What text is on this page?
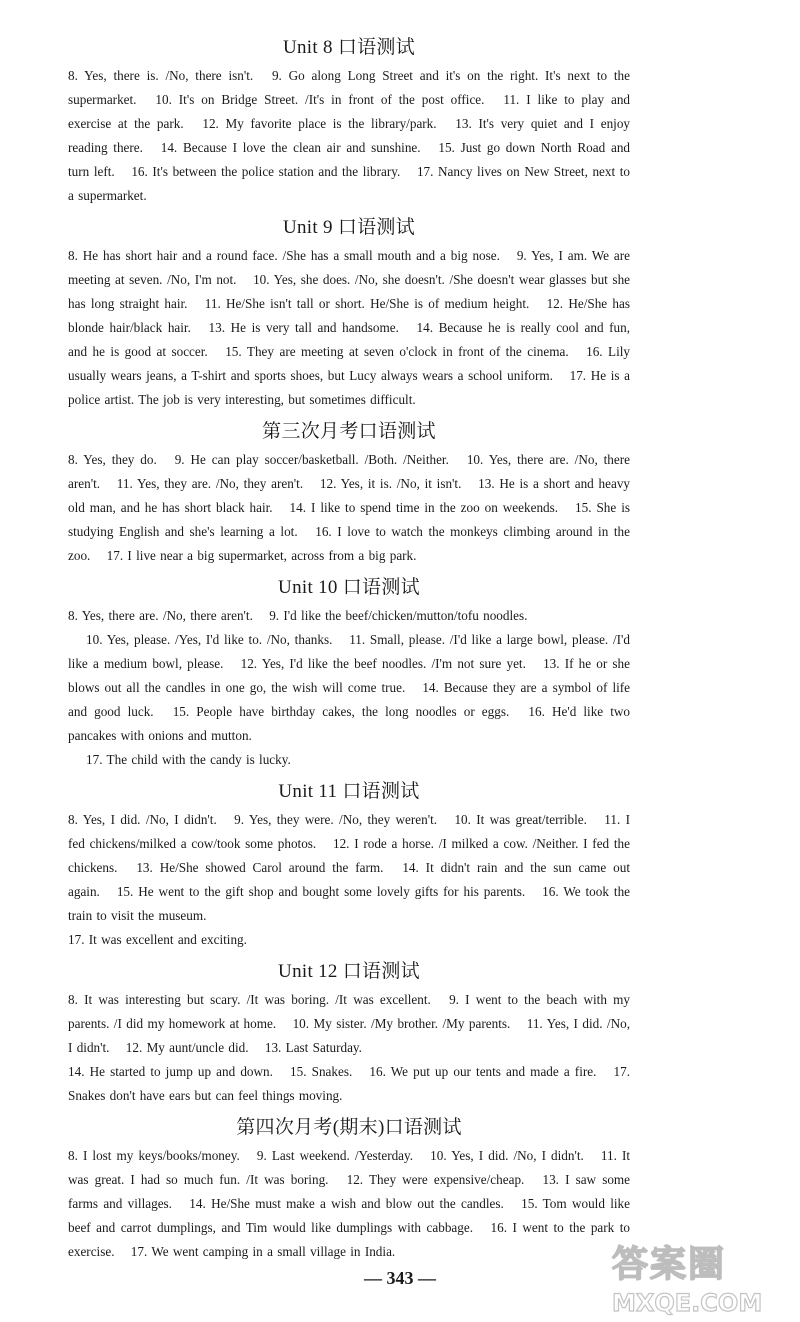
Unit 8 口语测试

8. Yes, there is. /No, there isn't. 9. Go along Long Street and it's on the right. It's next to the supermarket. 10. It's on Bridge Street. /It's in front of the post office. 11. I like to play and exercise at the park. 12. My favorite place is the library/park. 13. It's very quiet and I enjoy reading there. 14. Because I love the clean air and sunshine. 15. Just go down North Road and turn left. 16. It's between the police station and the library. 17. Nancy lives on New Street, next to a supermarket.

Unit 9 口语测试

8. He has short hair and a round face. /She has a small mouth and a big nose. 9. Yes, I am. We are meeting at seven. /No, I'm not. 10. Yes, she does. /No, she doesn't. /She doesn't wear glasses but she has long straight hair. 11. He/She isn't tall or short. He/She is of medium height. 12. He/She has blonde hair/black hair. 13. He is very tall and handsome. 14. Because he is really cool and fun, and he is good at soccer. 15. They are meeting at seven o'clock in front of the cinema. 16. Lily usually wears jeans, a T-shirt and sports shoes, but Lucy always wears a school uniform. 17. He is a police artist. The job is very interesting, but sometimes difficult.

第三次月考口语测试

8. Yes, they do. 9. He can play soccer/basketball. /Both. /Neither. 10. Yes, there are. /No, there aren't. 11. Yes, they are. /No, they aren't. 12. Yes, it is. /No, it isn't. 13. He is a short and heavy old man, and he has short black hair. 14. I like to spend time in the zoo on weekends. 15. She is studying English and she's learning a lot. 16. I love to watch the monkeys climbing around in the zoo. 17. I live near a big supermarket, across from a big park.

Unit 10 口语测试

8. Yes, there are. /No, there aren't. 9. I'd like the beef/chicken/mutton/tofu noodles.
10. Yes, please. /Yes, I'd like to. /No, thanks. 11. Small, please. /I'd like a large bowl, please. /I'd like a medium bowl, please. 12. Yes, I'd like the beef noodles. /I'm not sure yet. 13. If he or she blows out all the candles in one go, the wish will come true. 14. Because they are a symbol of life and good luck. 15. People have birthday cakes, the long noodles or eggs. 16. He'd like two pancakes with onions and mutton.
17. The child with the candy is lucky.

Unit 11 口语测试

8. Yes, I did. /No, I didn't. 9. Yes, they were. /No, they weren't. 10. It was great/terrible. 11. I fed chickens/milked a cow/took some photos. 12. I rode a horse. /I milked a cow. /Neither. I fed the chickens. 13. He/She showed Carol around the farm. 14. It didn't rain and the sun came out again. 15. He went to the gift shop and bought some lovely gifts for his parents. 16. We took the train to visit the museum.
17. It was excellent and exciting.

Unit 12 口语测试

8. It was interesting but scary. /It was boring. /It was excellent. 9. I went to the beach with my parents. /I did my homework at home. 10. My sister. /My brother. /My parents. 11. Yes, I did. /No, I didn't. 12. My aunt/uncle did. 13. Last Saturday.
14. He started to jump up and down. 15. Snakes. 16. We put up our tents and made a fire. 17. Snakes don't have ears but can feel things moving.

第四次月考(期末)口语测试

8. I lost my keys/books/money. 9. Last weekend. /Yesterday. 10. Yes, I did. /No, I didn't. 11. It was great. I had so much fun. /It was boring. 12. They were expensive/cheap. 13. I saw some farms and villages. 14. He/She must make a wish and blow out the candles. 15. Tom would like beef and carrot dumplings, and Tim would like dumplings with cabbage. 16. I went to the park to exercise. 17. We went camping in a small village in India.

— 343 —	答案圈
MXQE.COM
